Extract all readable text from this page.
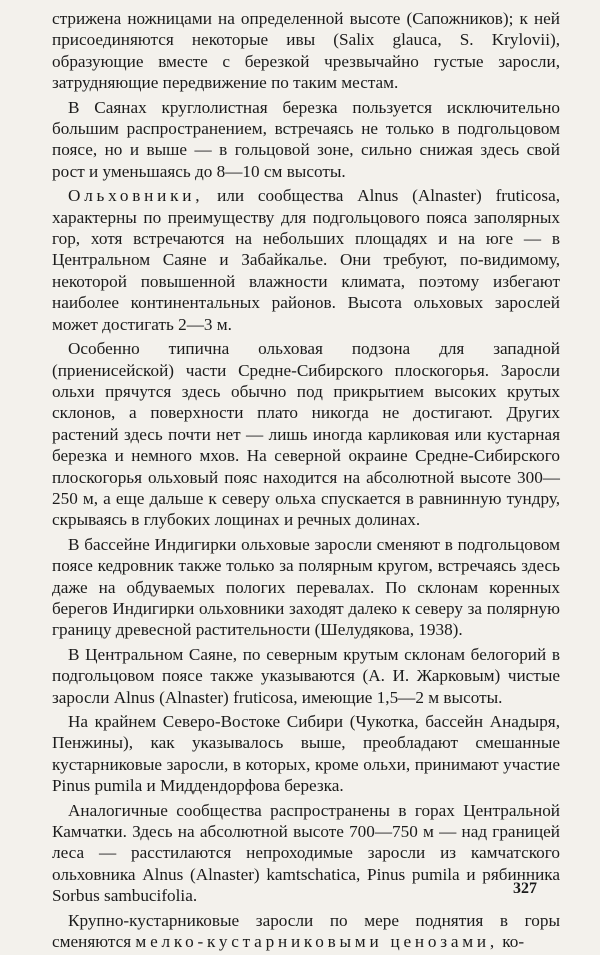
стрижена ножницами на определенной высоте (Сапожников); к ней присоединяются некоторые ивы (Salix glauca, S. Krylovii), образующие вместе с березкой чрезвычайно густые заросли, затрудняющие передвижение по таким местам.

В Саянах круглолистная березка пользуется исключительно большим распространением, встречаясь не только в подгольцовом поясе, но и выше — в гольцовой зоне, сильно снижая здесь свой рост и уменьшаясь до 8—10 см высоты.

Ольховники, или сообщества Alnus (Alnaster) fruticosa, характерны по преимуществу для подгольцового пояса заполярных гор, хотя встречаются на небольших площадях и на юге — в Центральном Саяне и Забайкалье. Они требуют, по-видимому, некоторой повышенной влажности климата, поэтому избегают наиболее континентальных районов. Высота ольховых зарослей может достигать 2—3 м.

Особенно типична ольховая подзона для западной (приенисейской) части Средне-Сибирского плоскогорья. Заросли ольхи прячутся здесь обычно под прикрытием высоких крутых склонов, а поверхности плато никогда не достигают. Других растений здесь почти нет — лишь иногда карликовая или кустарная березка и немного мхов. На северной окраине Средне-Сибирского плоскогорья ольховый пояс находится на абсолютной высоте 300—250 м, а еще дальше к северу ольха спускается в равнинную тундру, скрываясь в глубоких лощинах и речных долинах.

В бассейне Индигирки ольховые заросли сменяют в подгольцовом поясе кедровник также только за полярным кругом, встречаясь здесь даже на обдуваемых пологих перевалах. По склонам коренных берегов Индигирки ольховники заходят далеко к северу за полярную границу древесной растительности (Шелудякова, 1938).

В Центральном Саяне, по северным крутым склонам белогорий в подгольцовом поясе также указываются (А. И. Жарковым) чистые заросли Alnus (Alnaster) fruticosa, имеющие 1,5—2 м высоты.

На крайнем Северо-Востоке Сибири (Чукотка, бассейн Анадыря, Пенжины), как указывалось выше, преобладают смешанные кустарниковые заросли, в которых, кроме ольхи, принимают участие Pinus pumila и Миддендорфова березка.

Аналогичные сообщества распространены в горах Центральной Камчатки. Здесь на абсолютной высоте 700—750 м — над границей леса — расстилаются непроходимые заросли из камчатского ольховника Alnus (Alnaster) kamtschatica, Pinus pumila и рябинника Sorbus sambucifolia.

Крупно-кустарниковые заросли по мере поднятия в горы сменяются мелко-кустарниковыми ценозами, ко-

327
